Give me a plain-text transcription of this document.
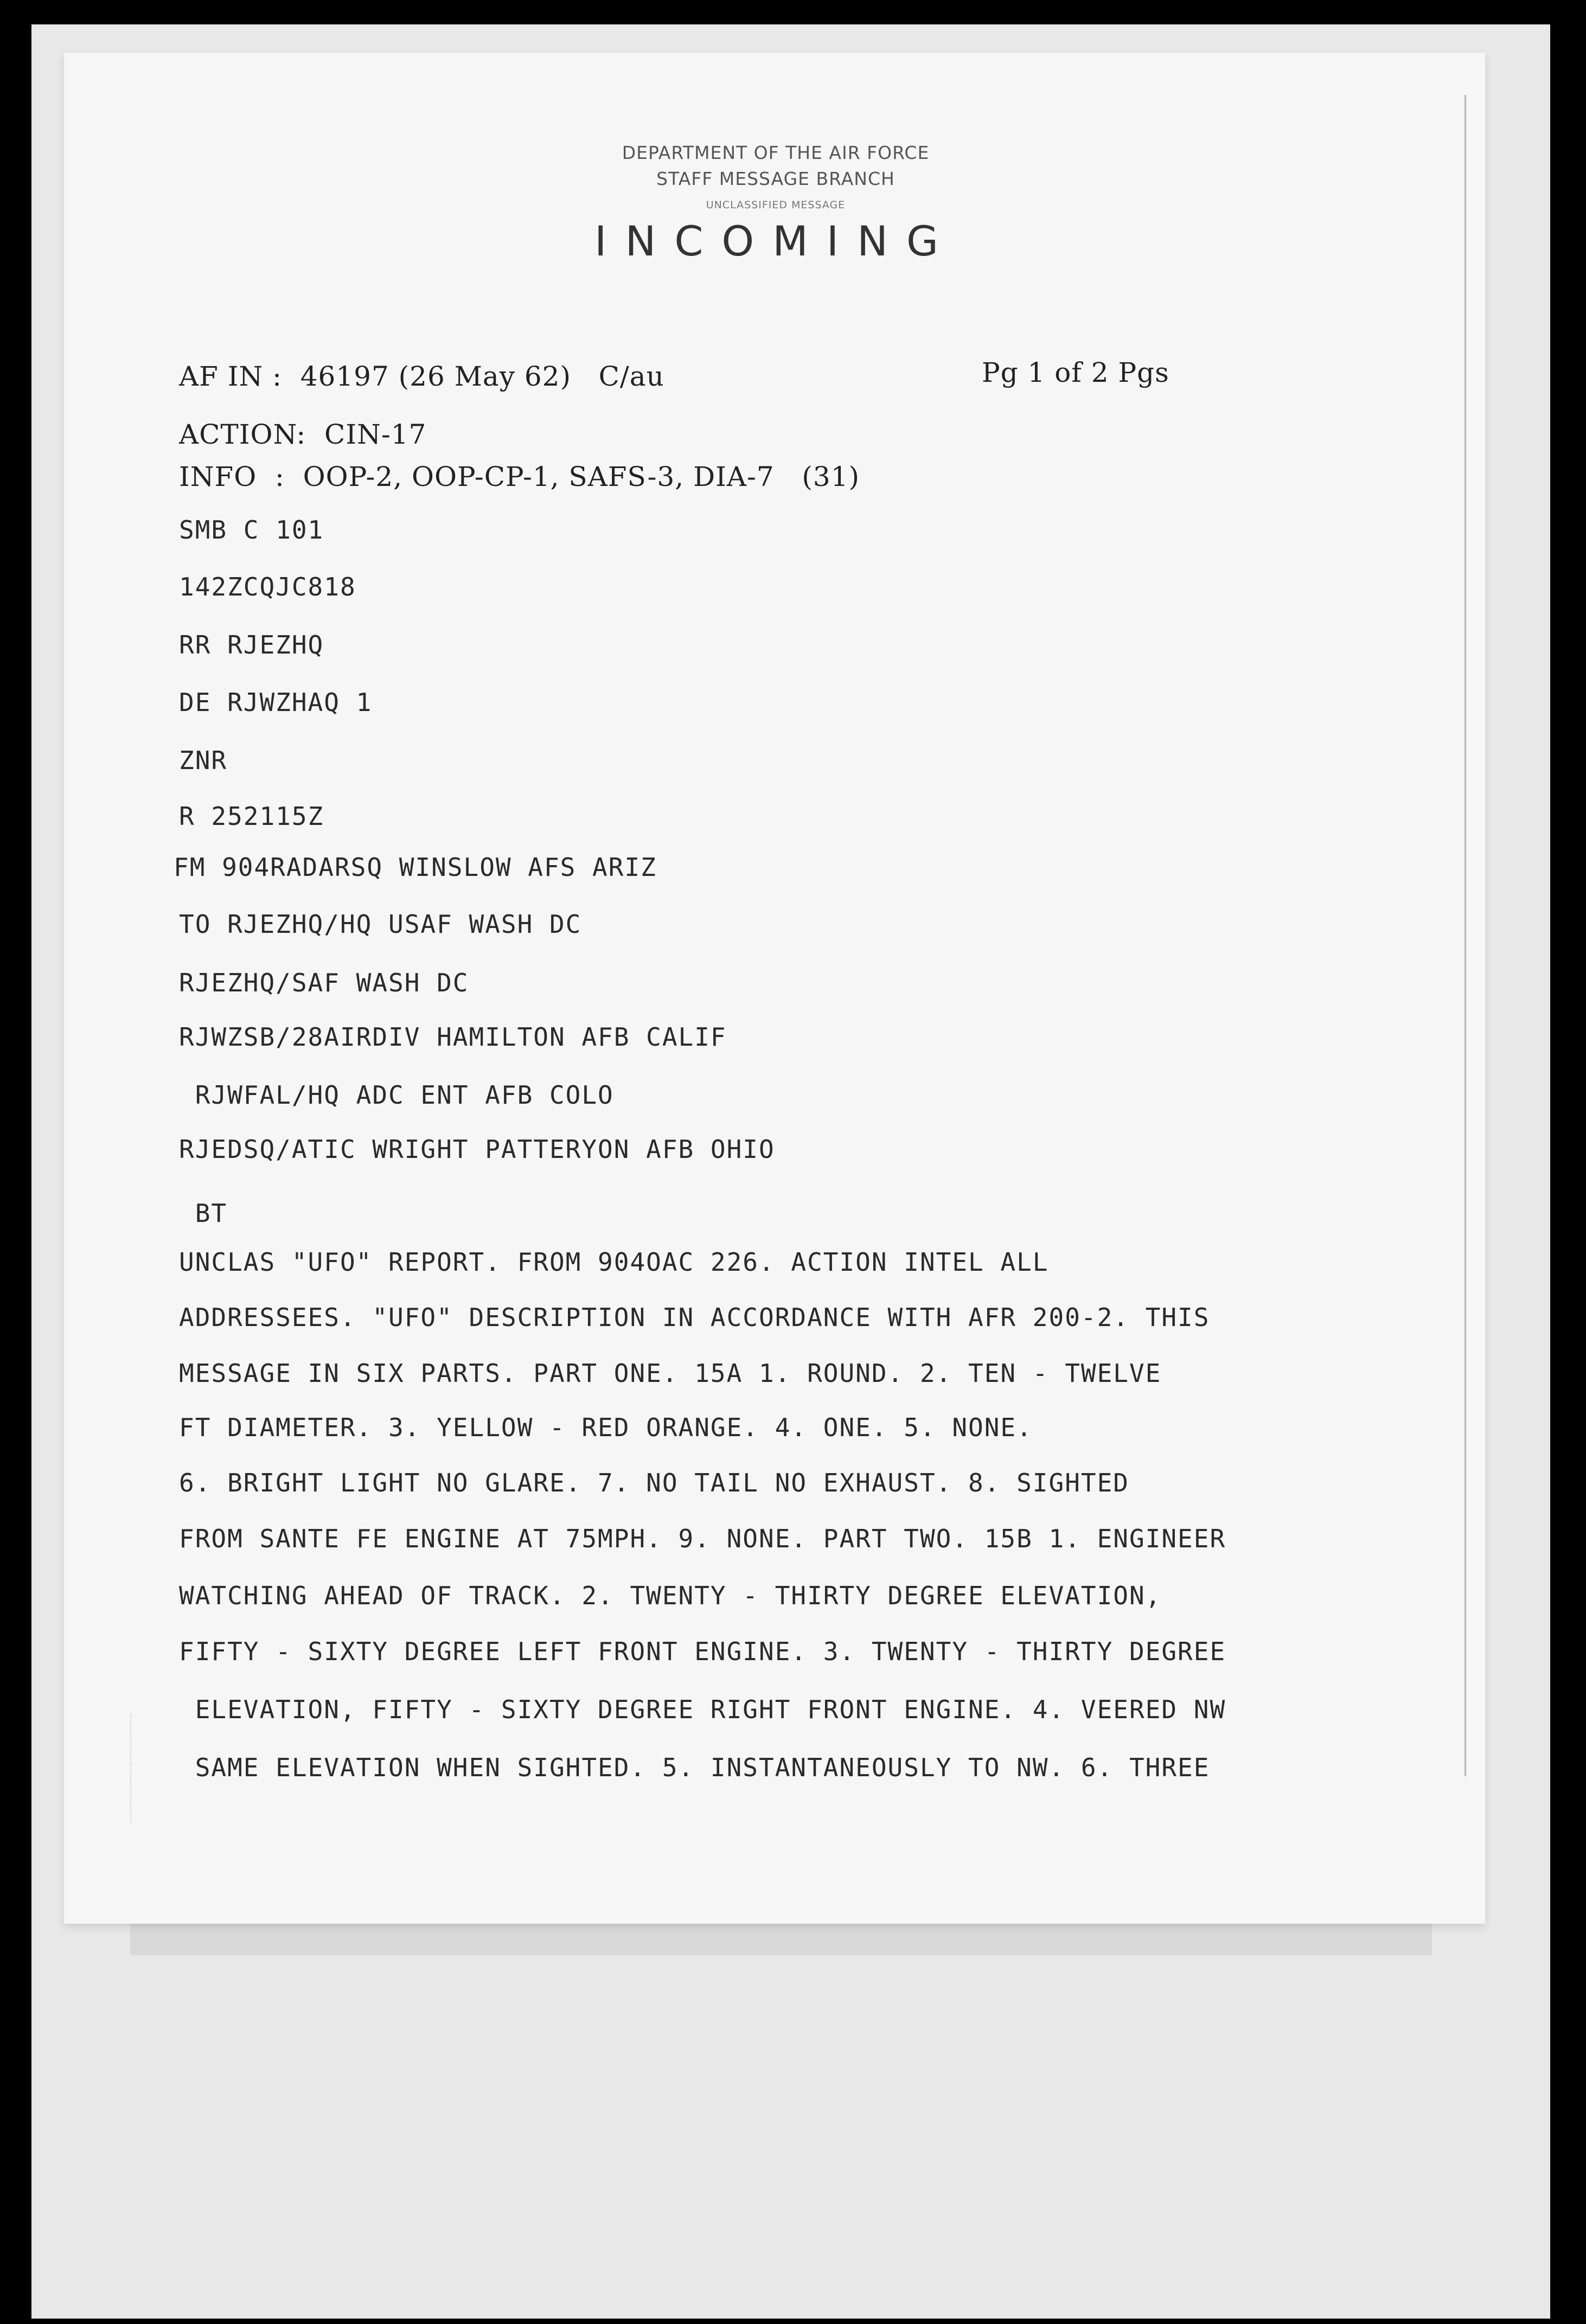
DEPARTMENT OF THE AIR FORCE
STAFF MESSAGE BRANCH
UNCLASSIFIED MESSAGE
INCOMING
AF IN :  46197 (26 May 62)   C/au	Pg 1 of 2 Pgs
ACTION:  CIN-17
INFO  :  OOP-2, OOP-CP-1, SAFS-3, DIA-7   (31)
SMB C 101
142ZCQJC818
RR RJEZHQ
DE RJWZHAQ 1
ZNR
R 252115Z
FM 904RADARSQ WINSLOW AFS ARIZ
TO RJEZHQ/HQ USAF WASH DC
RJEZHQ/SAF WASH DC
RJWZSB/28AIRDIV HAMILTON AFB CALIF
RJWFAL/HQ ADC ENT AFB COLO
RJEDSQ/ATIC WRIGHT PATTERYON AFB OHIO
BT
UNCLAS "UFO" REPORT. FROM 904OAC 226. ACTION INTEL ALL
ADDRESSEES. "UFO" DESCRIPTION IN ACCORDANCE WITH AFR 200-2. THIS
MESSAGE IN SIX PARTS. PART ONE. 15A 1. ROUND. 2. TEN - TWELVE
FT DIAMETER. 3. YELLOW - RED ORANGE. 4. ONE. 5. NONE.
6. BRIGHT LIGHT NO GLARE. 7. NO TAIL NO EXHAUST. 8. SIGHTED
FROM SANTE FE ENGINE AT 75MPH. 9. NONE. PART TWO. 15B 1. ENGINEER
WATCHING AHEAD OF TRACK. 2. TWENTY - THIRTY DEGREE ELEVATION,
FIFTY - SIXTY DEGREE LEFT FRONT ENGINE. 3. TWENTY - THIRTY DEGREE
ELEVATION, FIFTY - SIXTY DEGREE RIGHT FRONT ENGINE. 4. VEERED NW
SAME ELEVATION WHEN SIGHTED. 5. INSTANTANEOUSLY TO NW. 6. THREE
